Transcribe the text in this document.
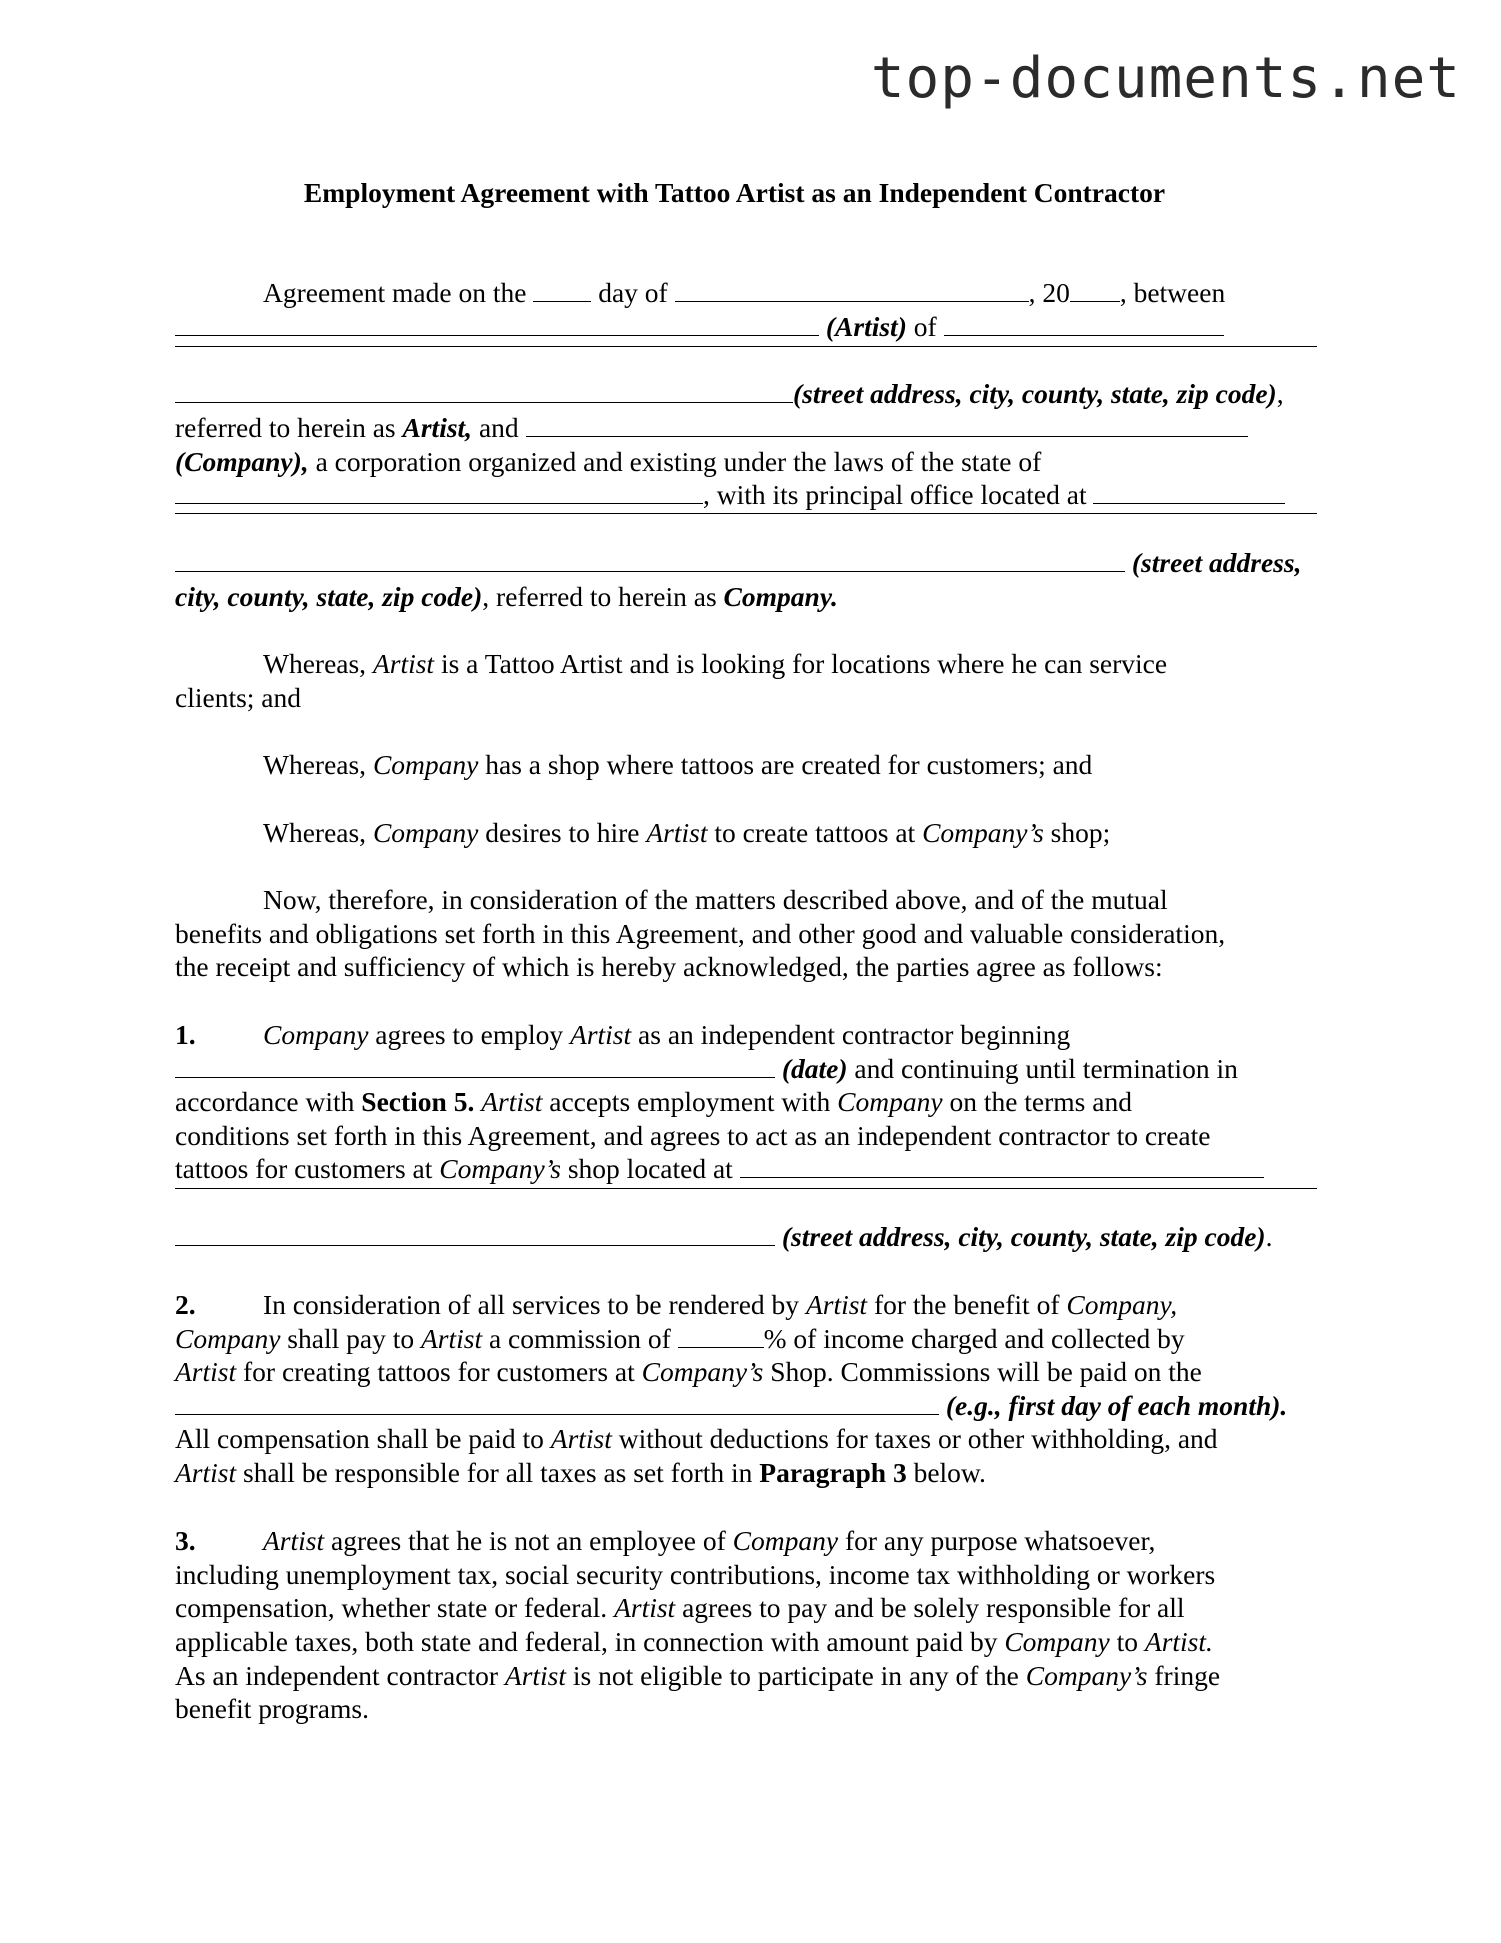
top-documents.net
Employment Agreement with Tattoo Artist as an Independent Contractor
Agreement made on the  day of	, 20 , between
(Artist) of
(street address, city, county, state, zip code),
referred to herein as Artist, and
(Company), a corporation organized and existing under the laws of the state of
, with its principal office located at
(street address,
city, county, state, zip code), referred to herein as Company.
Whereas, Artist is a Tattoo Artist and is looking for locations where he can service
clients; and
Whereas, Company has a shop where tattoos are created for customers; and
Whereas, Company desires to hire Artist to create tattoos at Company’s shop;
Now, therefore, in consideration of the matters described above, and of the mutual
benefits and obligations set forth in this Agreement, and other good and valuable consideration,
the receipt and sufficiency of which is hereby acknowledged, the parties agree as follows:
1. Company agrees to employ Artist as an independent contractor beginning
(date) and continuing until termination in
accordance with Section 5. Artist accepts employment with Company on the terms and
conditions set forth in this Agreement, and agrees to act as an independent contractor to create
tattoos for customers at Company’s shop located at
(street address, city, county, state, zip code).
2. In consideration of all services to be rendered by Artist for the benefit of Company,
Company shall pay to Artist a commission of	% of income charged and collected by
Artist for creating tattoos for customers at Company’s Shop. Commissions will be paid on the
(e.g., first day of each month).
All compensation shall be paid to Artist without deductions for taxes or other withholding, and
Artist shall be responsible for all taxes as set forth in Paragraph 3 below.
3. Artist agrees that he is not an employee of Company for any purpose whatsoever,
including unemployment tax, social security contributions, income tax withholding or workers
compensation, whether state or federal. Artist agrees to pay and be solely responsible for all
applicable taxes, both state and federal, in connection with amount paid by Company to Artist.
As an independent contractor Artist is not eligible to participate in any of the Company’s fringe
benefit programs.
